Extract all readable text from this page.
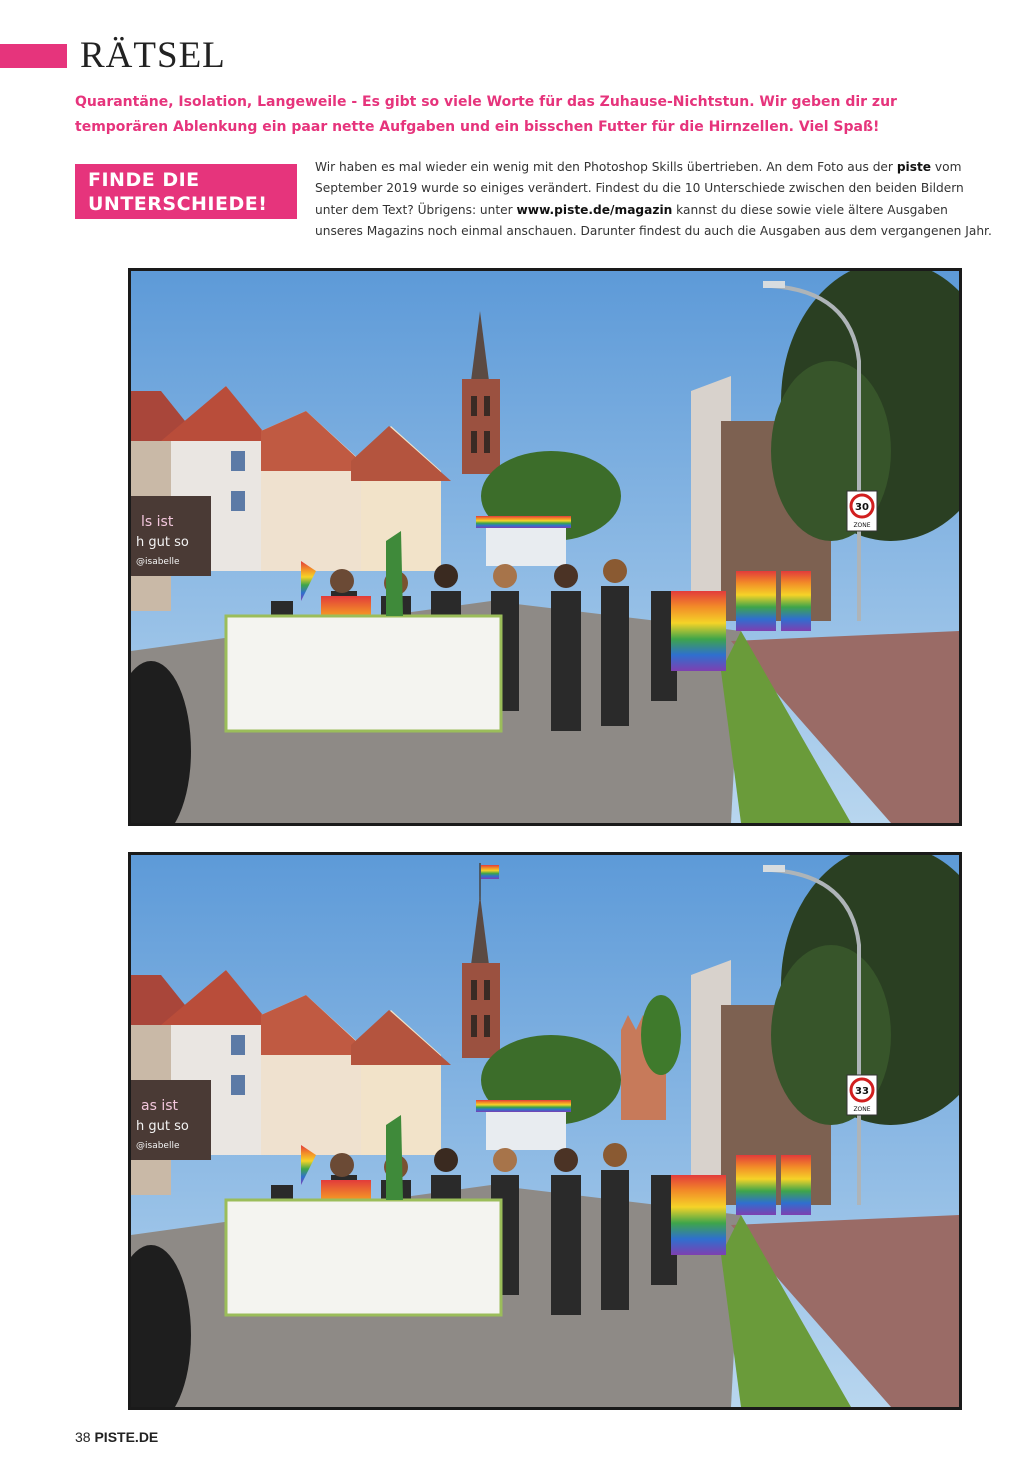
RÄTSEL

Quarantäne, Isolation, Langeweile - Es gibt so viele Worte für das Zuhause-Nichtstun. Wir geben dir zur temporären Ablenkung ein paar nette Aufgaben und ein bisschen Futter für die Hirnzellen. Viel Spaß!

FINDE DIE UNTERSCHIEDE!

Wir haben es mal wieder ein wenig mit den Photoshop Skills übertrieben. An dem Foto aus der piste vom September 2019 wurde so einiges verändert. Findest du die 10 Unterschiede zwischen den beiden Bildern unter dem Text? Übrigens: unter www.piste.de/magazin kannst du diese sowie viele ältere Ausgaben unseres Magazins noch einmal anschauen. Darunter findest du auch die Ausgaben aus dem vergangenen Jahr.

30
ZONE
ls ist
h gut so
@isabelle
33
ZONE
as ist
h gut so
@isabelle
38 PISTE.DE
